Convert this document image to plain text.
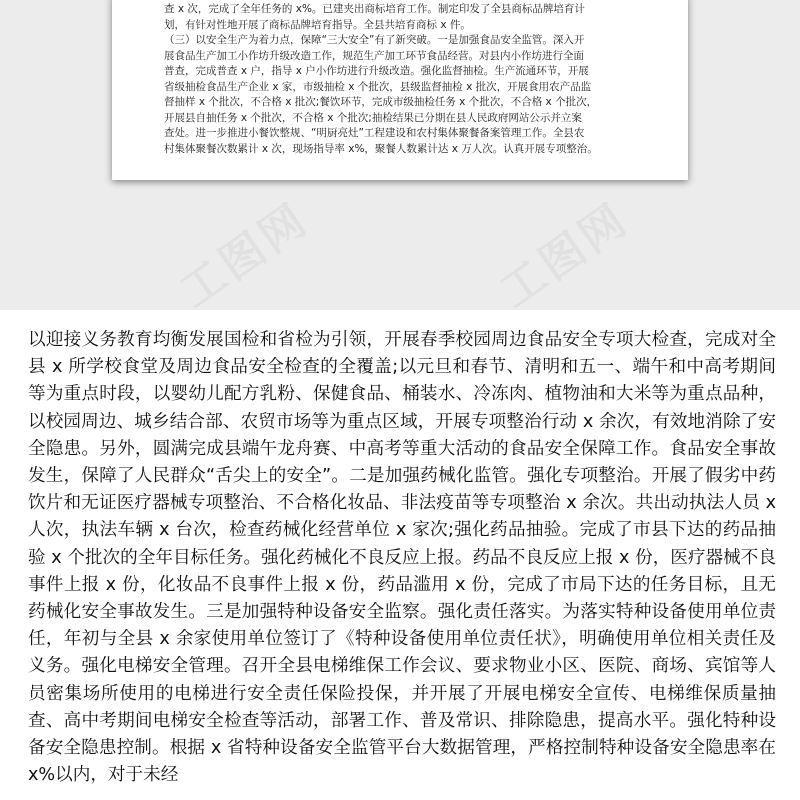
工图网	工图网

查 x 次，完成了全年任务的 x%。已建夹出商标培育工作。制定印发了全县商标品牌培育计

划，有针对性地开展了商标品牌培育指导。全县共培育商标 x 件。

（三）以安全生产为着力点，保障“三大安全”有了新突破。一是加强食品安全监管。深入开

展食品生产加工小作坊升级改造工作，规范生产加工环节食品经营。对县内小作坊进行全面

普查，完成普查 x 户，指导 x 户小作坊进行升级改造。强化监督抽检。生产流通环节，开展

省级抽检食品生产企业 x 家，市级抽检 x 个批次，县级监督抽检 x 批次，开展食用农产品监

督抽样 x 个批次，不合格 x 批次;餐饮环节，完成市级抽检任务 x 个批次，不合格 x 个批次，

开展县自抽任务 x 个批次，不合格 x 个批次;抽检结果已分期在县人民政府网站公示并立案

查处。进一步推进小餐饮整规、“明厨亮灶”工程建设和农村集体聚餐备案管理工作。全县农

村集体聚餐次数累计 x 次，现场指导率 x%，聚餐人数累计达 x 万人次。认真开展专项整治。

以迎接义务教育均衡发展国检和省检为引领，开展春季校园周边食品安全专项大检查，完成对全县 x 所学校食堂及周边食品安全检查的全覆盖;以元旦和春节、清明和五一、端午和中高考期间等为重点时段，以婴幼儿配方乳粉、保健食品、桶装水、冷冻肉、植物油和大米等为重点品种，以校园周边、城乡结合部、农贸市场等为重点区域，开展专项整治行动 x 余次，有效地消除了安全隐患。另外，圆满完成县端午龙舟赛、中高考等重大活动的食品安全保障工作。食品安全事故发生，保障了人民群众“舌尖上的安全”。二是加强药械化监管。强化专项整治。开展了假劣中药饮片和无证医疗器械专项整治、不合格化妆品、非法疫苗等专项整治 x 余次。共出动执法人员 x 人次，执法车辆 x 台次，检查药械化经营单位 x 家次;强化药品抽验。完成了市县下达的药品抽验 x 个批次的全年目标任务。强化药械化不良反应上报。药品不良反应上报 x 份，医疗器械不良事件上报 x 份，化妆品不良事件上报 x 份，药品滥用 x 份，完成了市局下达的任务目标，且无药械化安全事故发生。三是加强特种设备安全监察。强化责任落实。为落实特种设备使用单位责任，年初与全县 x 余家使用单位签订了《特种设备使用单位责任状》，明确使用单位相关责任及义务。强化电梯安全管理。召开全县电梯维保工作会议、要求物业小区、医院、商场、宾馆等人员密集场所使用的电梯进行安全责任保险投保，并开展了开展电梯安全宣传、电梯维保质量抽查、高中考期间电梯安全检查等活动，部署工作、普及常识、排除隐患，提高水平。强化特种设备安全隐患控制。根据 x 省特种设备安全监管平台大数据管理，严格控制特种设备安全隐患率在 x%以内，对于未经
